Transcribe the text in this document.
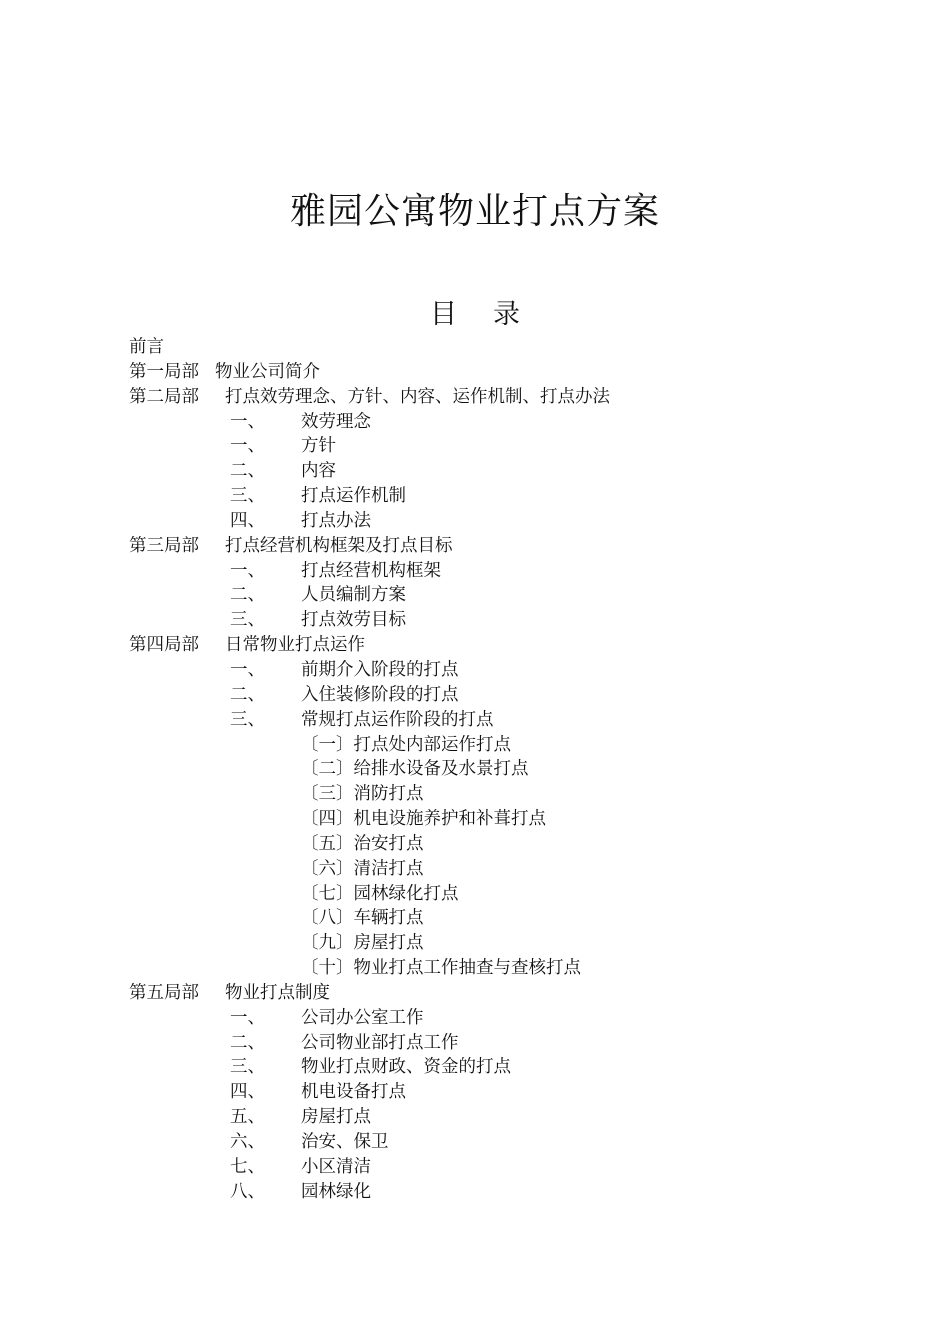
雅园公寓物业打点方案
目 录
前言
第一局部 物业公司简介
第二局部 打点效劳理念、方针、内容、运作机制、打点办法
一、 效劳理念
一、 方针
二、 内容
三、 打点运作机制
四、 打点办法
第三局部 打点经营机构框架及打点目标
一、 打点经营机构框架
二、 人员编制方案
三、 打点效劳目标
第四局部 日常物业打点运作
一、 前期介入阶段的打点
二、 入住装修阶段的打点
三、 常规打点运作阶段的打点
〔一〕打点处内部运作打点
〔二〕给排水设备及水景打点
〔三〕消防打点
〔四〕机电设施养护和补葺打点
〔五〕治安打点
〔六〕清洁打点
〔七〕园林绿化打点
〔八〕车辆打点
〔九〕房屋打点
〔十〕物业打点工作抽查与查核打点
第五局部 物业打点制度
一、 公司办公室工作
二、 公司物业部打点工作
三、 物业打点财政、资金的打点
四、 机电设备打点
五、 房屋打点
六、 治安、保卫
七、 小区清洁
八、 园林绿化
